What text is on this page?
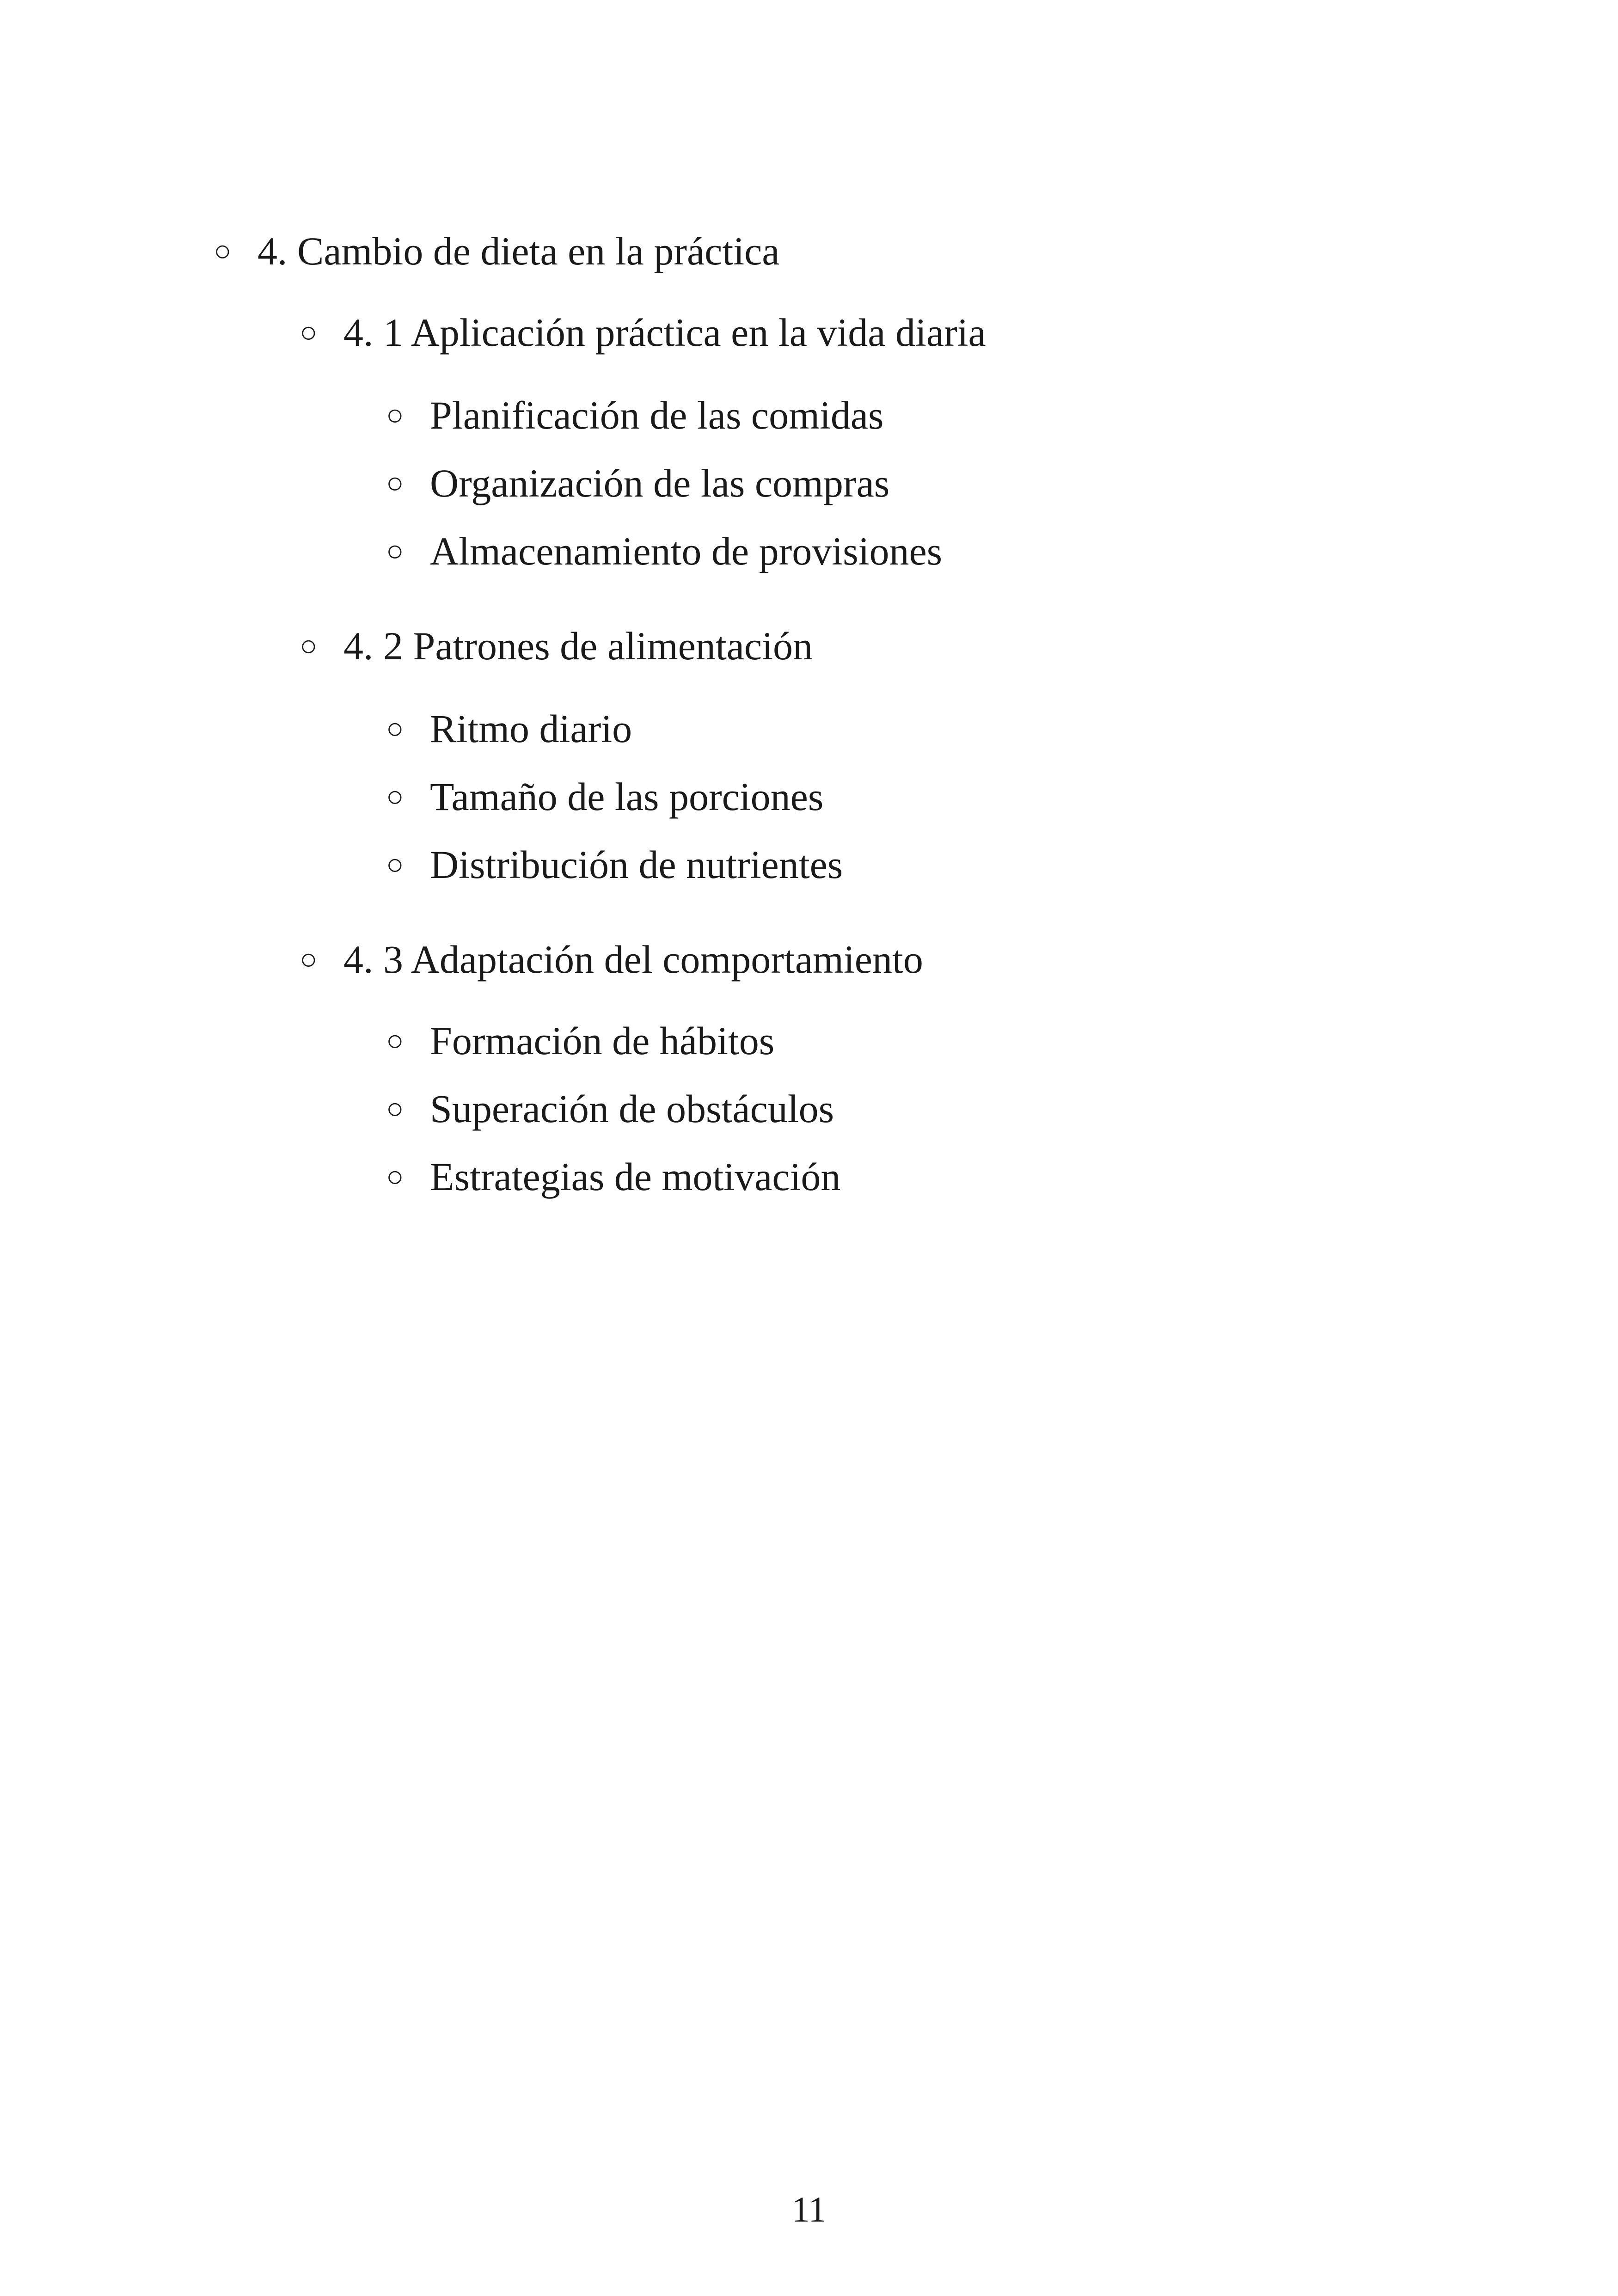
○ 4. Cambio de dieta en la práctica
○ 4. 1 Aplicación práctica en la vida diaria
○ Planificación de las comidas
○ Organización de las compras
○ Almacenamiento de provisiones
○ 4. 2 Patrones de alimentación
○ Ritmo diario
○ Tamaño de las porciones
○ Distribución de nutrientes
○ 4. 3 Adaptación del comportamiento
○ Formación de hábitos
○ Superación de obstáculos
○ Estrategias de motivación
11
